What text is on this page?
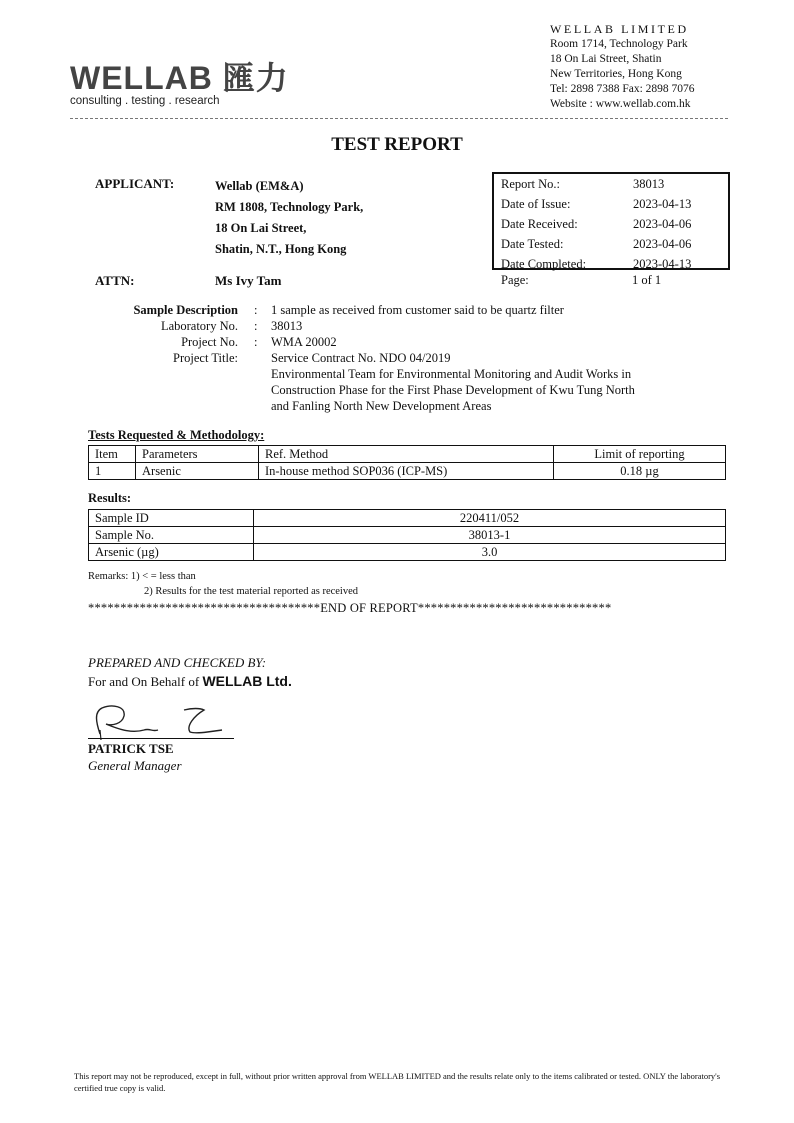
WELLAB 匯力
consulting . testing . research
WELLAB LIMITED
Room 1714, Technology Park
18 On Lai Street, Shatin
New Territories, Hong Kong
Tel: 2898 7388 Fax: 2898 7076
Website : www.wellab.com.hk
TEST REPORT
APPLICANT:	Wellab (EM&A)
RM 1808, Technology Park,
18 On Lai Street,
Shatin, N.T., Hong Kong
Report No.:	38013
Date of Issue:	2023-04-13
Date Received:	2023-04-06
Date Tested:	2023-04-06
Date Completed:	2023-04-13
ATTN:	Ms Ivy Tam	Page:	1 of 1
Sample Description : 1 sample as received from customer said to be quartz filter
Laboratory No. : 38013
Project No. : WMA 20002
Project Title:	Service Contract No. NDO 04/2019
Environmental Team for Environmental Monitoring and Audit Works in
Construction Phase for the First Phase Development of Kwu Tung North
and Fanling North New Development Areas
Tests Requested & Methodology:
Item	Parameters	Ref. Method	Limit of reporting
1	Arsenic	In-house method SOP036 (ICP-MS)	0.18 µg
Results:
Sample ID	220411/052
Sample No.	38013-1
Arsenic (µg)	3.0
Remarks: 1) < = less than
2) Results for the test material reported as received
************************************END OF REPORT******************************
PREPARED AND CHECKED BY:
For and On Behalf of WELLAB Ltd.
PATRICK TSE
General Manager
This report may not be reproduced, except in full, without prior written approval from WELLAB LIMITED and the results relate only to the items calibrated or tested. ONLY the laboratory's certified true copy is valid.
